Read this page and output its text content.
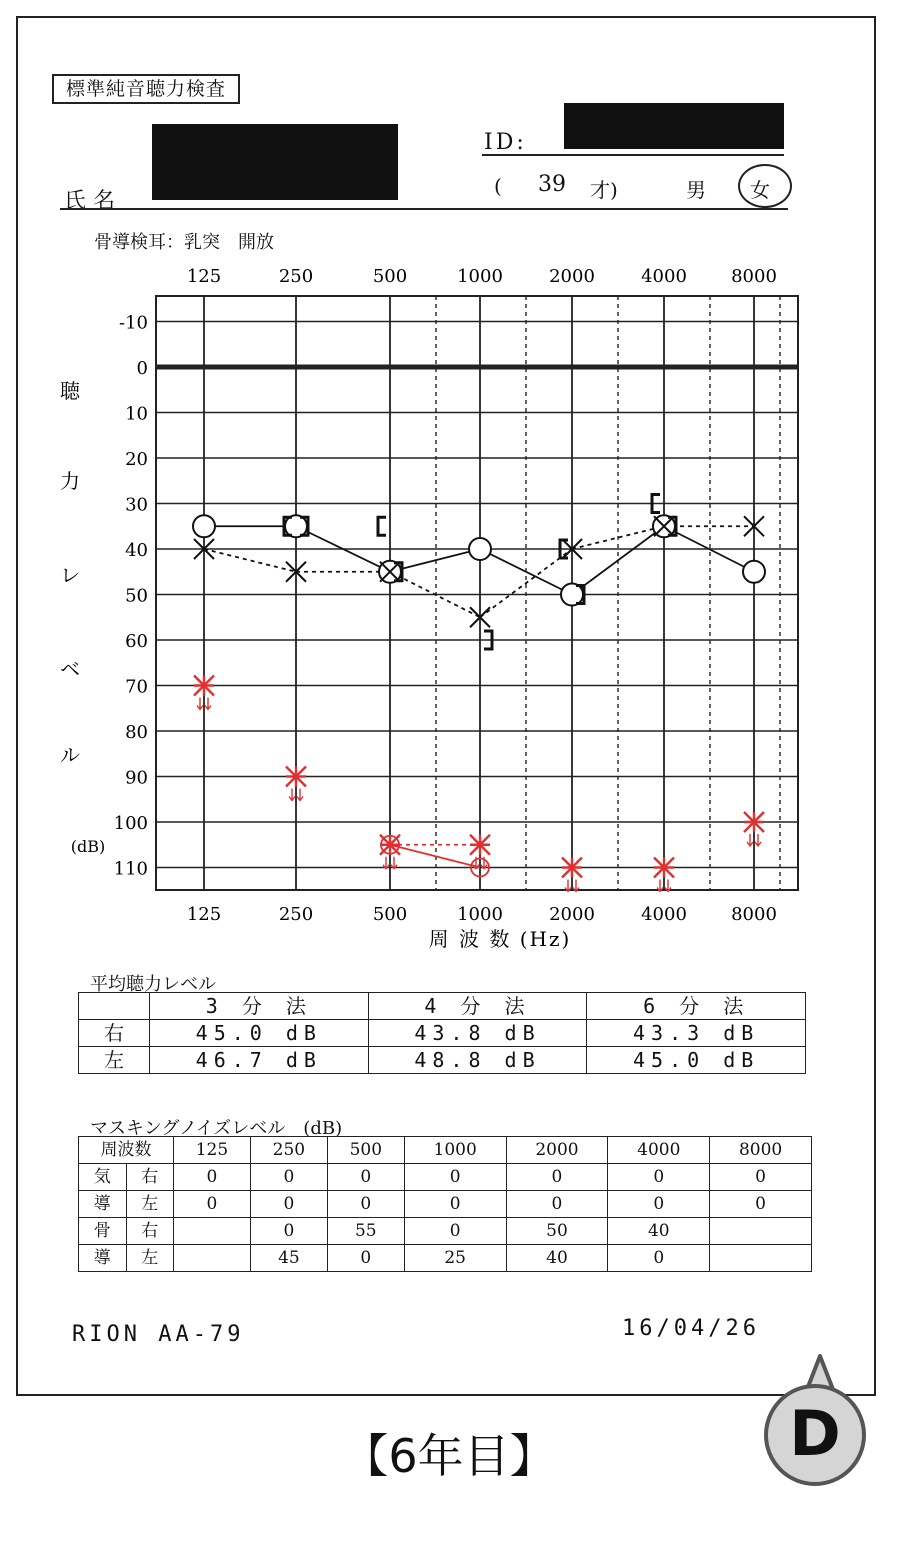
標準純音聴力検査
ID:
氏 名
( 39 才)	男 女
骨導検耳：乳突　開放
-10
0
10
20
30
40
50
60
70
80
90
100
110
125
125
250
250
500
500
1000
1000
2000
2000
4000
4000
8000
8000
周 波 数 (Hz)
聴
力
レ
ベ
ル
(dB)
平均聴力レベル
	3 分 法	4 分 法	6 分 法
右	45.0 dB	43.8 dB	43.3 dB
左	46.7 dB	48.8 dB	45.0 dB
マスキングノイズレベル　(dB)
周波数		125	250	500	1000	2000	4000	8000
気	右	0	0	0	0	0	0	0
導	左	0	0	0	0	0	0	0
骨	右		0	55	0	50	40	
導	左		45	0	25	40	0	
RION AA-79	16/04/26
D
【6年目】
